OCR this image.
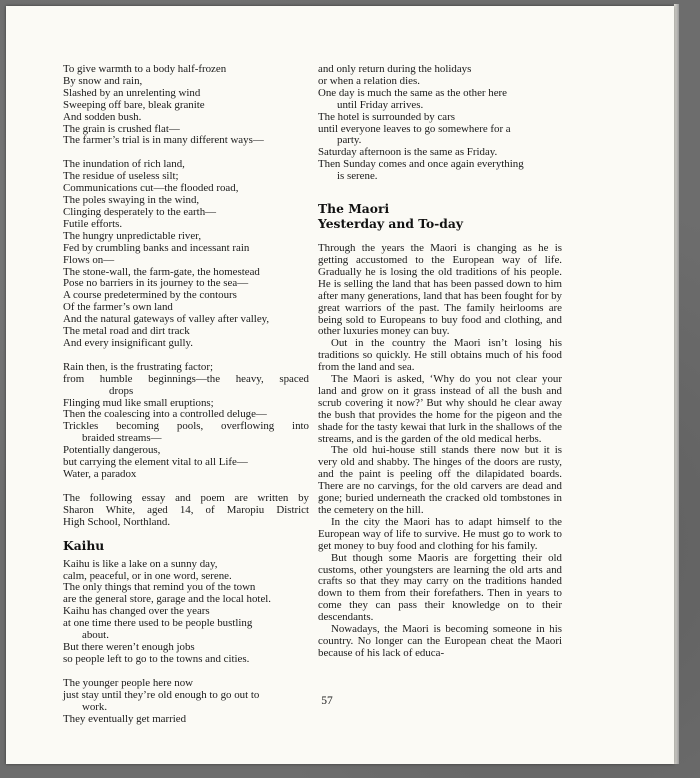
To give warmth to a body half-frozen
By snow and rain,
Slashed by an unrelenting wind
Sweeping off bare, bleak granite
And sodden bush.
The grain is crushed flat—
The farmer’s trial is in many different ways—
The inundation of rich land,
The residue of useless silt;
Communications cut—the flooded road,
The poles swaying in the wind,
Clinging desperately to the earth—
Futile efforts.
The hungry unpredictable river,
Fed by crumbling banks and incessant rain
Flows on—
The stone-wall, the farm-gate, the homestead
Pose no barriers in its journey to the sea—
A course predetermined by the contours
Of the farmer’s own land
And the natural gateways of valley after valley,
The metal road and dirt track
And every insignificant gully.
Rain then, is the frustrating factor;
from humble beginnings—the heavy, spaced
drops
Flinging mud like small eruptions;
Then the coalescing into a controlled deluge—
Trickles becoming pools, overflowing into
braided streams—
Potentially dangerous,
but carrying the element vital to all Life—
Water, a paradox
The following essay and poem are written by
Sharon White, aged 14, of Maropiu District
High School, Northland.
Kaihu
Kaihu is like a lake on a sunny day,
calm, peaceful, or in one word, serene.
The only things that remind you of the town
are the general store, garage and the local hotel.
Kaihu has changed over the years
at one time there used to be people bustling
about.
But there weren’t enough jobs
so people left to go to the towns and cities.
The younger people here now
just stay until they’re old enough to go out to
work.
They eventually get married
and only return during the holidays
or when a relation dies.
One day is much the same as the other here
until Friday arrives.
The hotel is surrounded by cars
until everyone leaves to go somewhere for a
party.
Saturday afternoon is the same as Friday.
Then Sunday comes and once again everything
is serene.
The Maori
Yesterday and To-day

Through the years the Maori is changing as he is getting accustomed to the European way of life. Gradually he is losing the old traditions of his people. He is selling the land that has been passed down to him after many generations, land that has been fought for by great warriors of the past. The family heirlooms are being sold to Europeans to buy food and clothing, and other luxuries money can buy.

Out in the country the Maori isn’t losing his traditions so quickly. He still obtains much of his food from the land and sea.

The Maori is asked, ‘Why do you not clear your land and grow on it grass instead of all the bush and scrub covering it now?’ But why should he clear away the bush that provides the home for the pigeon and the shade for the tasty kewai that lurk in the shallows of the streams, and is the garden of the old medical herbs.

The old hui-house still stands there now but it is very old and shabby. The hinges of the doors are rusty, and the paint is peeling off the dilapidated boards. There are no carvings, for the old carvers are dead and gone; buried underneath the cracked old tombstones in the cemetery on the hill.

In the city the Maori has to adapt himself to the European way of life to survive. He must go to work to get money to buy food and clothing for his family.

But though some Maoris are forgetting their old customs, other youngsters are learning the old arts and crafts so that they may carry on the traditions handed down to them from their forefathers. Then in years to come they can pass their knowledge on to their descendants.

Nowadays, the Maori is becoming someone in his country. No longer can the European cheat the Maori because of his lack of educa-

57
